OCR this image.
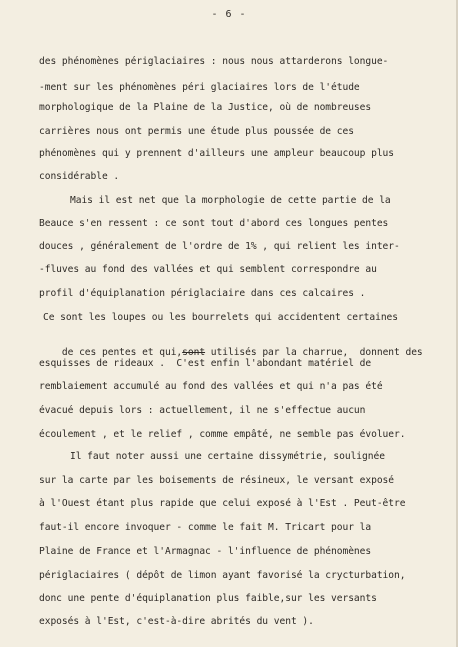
- 6 -
des phénomènes périglaciaires : nous nous attarderons longue-
-ment sur les phénomènes péri glaciaires lors de l'étude
morphologique de la Plaine de la Justice, où de nombreuses
carrières nous ont permis une étude plus poussée de ces
phénomènes qui y prennent d'ailleurs une ampleur beaucoup plus
considérable .
Mais il est net que la morphologie de cette partie de la
Beauce s'en ressent : ce sont tout d'abord ces longues pentes
douces , généralement de l'ordre de 1% , qui relient les inter-
-fluves au fond des vallées et qui semblent correspondre au
profil d'équiplanation périglaciaire dans ces calcaires .
Ce sont les loupes ou les bourrelets qui accidentent certaines

de ces pentes et qui,sont utilisés par la charrue,  donnent des

esquisses de rideaux .  C'est enfin l'abondant matériel de
remblaiement accumulé au fond des vallées et qui n'a pas été
évacué depuis lors : actuellement, il ne s'effectue aucun
écoulement , et le relief , comme empâté, ne semble pas évoluer.
Il faut noter aussi une certaine dissymétrie, soulignée
sur la carte par les boisements de résineux, le versant exposé
à l'Ouest étant plus rapide que celui exposé à l'Est . Peut-être
faut-il encore invoquer - comme le fait M. Tricart pour la
Plaine de France et l'Armagnac - l'influence de phénomènes
périglaciaires ( dépôt de limon ayant favorisé la crycturbation,
donc une pente d'équiplanation plus faible,sur les versants
exposés à l'Est, c'est-à-dire abrités du vent ).
